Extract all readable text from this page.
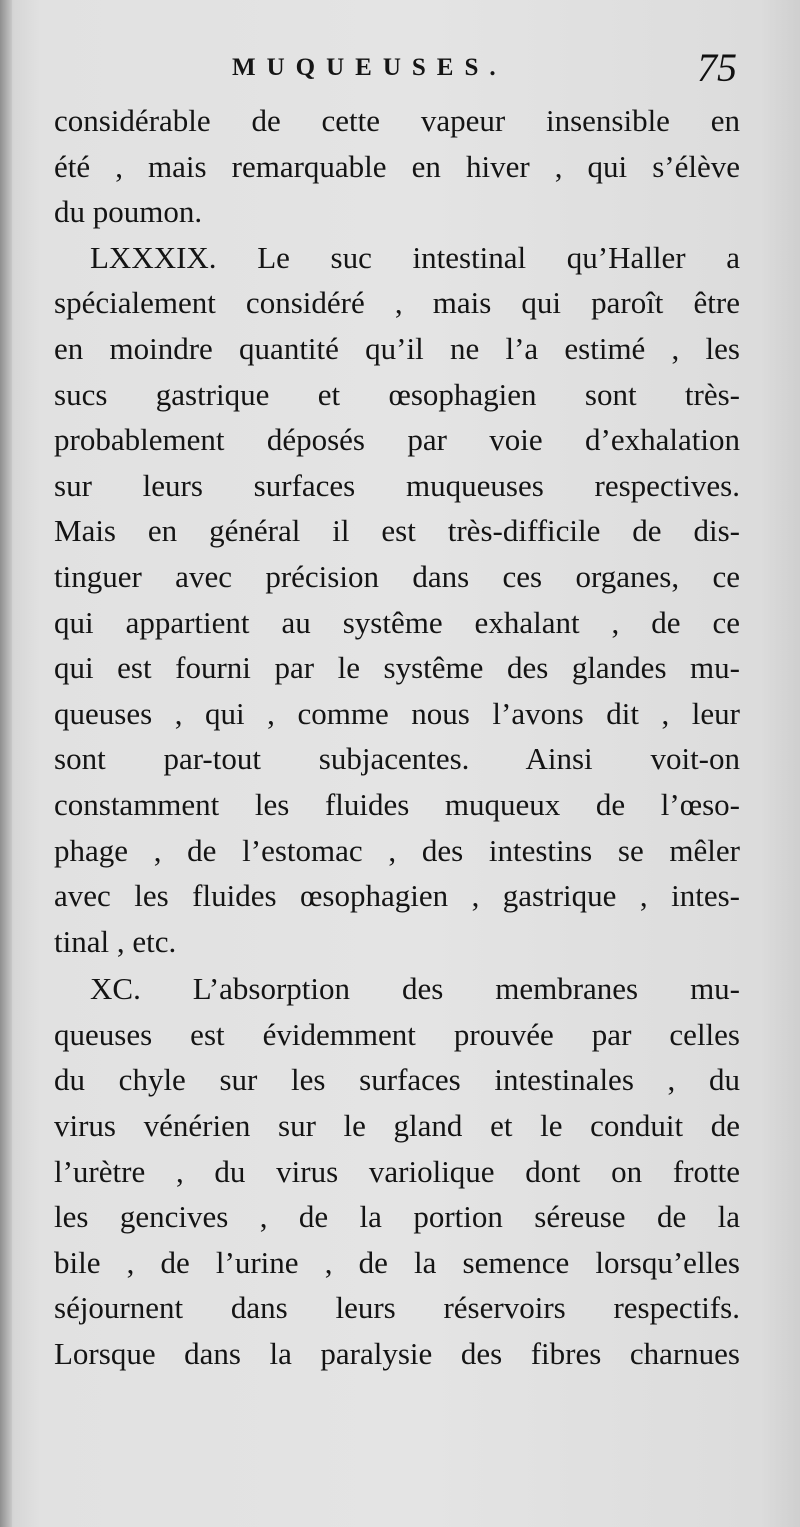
MUQUEUSES.	75
considérable de cette vapeur insensible en
été , mais remarquable en hiver , qui s’élève
du poumon.
LXXXIX. Le suc intestinal qu’Haller a
spécialement considéré , mais qui paroît être
en moindre quantité qu’il ne l’a estimé , les
sucs gastrique et œsophagien sont très-
probablement déposés par voie d’exhalation
sur leurs surfaces muqueuses respectives.
Mais en général il est très-difficile de dis-
tinguer avec précision dans ces organes, ce
qui appartient au systême exhalant , de ce
qui est fourni par le systême des glandes mu-
queuses , qui , comme nous l’avons dit , leur
sont par-tout subjacentes. Ainsi voit-on
constamment les fluides muqueux de l’œso-
phage , de l’estomac , des intestins se mêler
avec les fluides œsophagien , gastrique , intes-
tinal , etc.
XC. L’absorption des membranes mu-
queuses est évidemment prouvée par celles
du chyle sur les surfaces intestinales , du
virus vénérien sur le gland et le conduit de
l’urètre , du virus variolique dont on frotte
les gencives , de la portion séreuse de la
bile , de l’urine , de la semence lorsqu’elles
séjournent dans leurs réservoirs respectifs.
Lorsque dans la paralysie des fibres charnues
